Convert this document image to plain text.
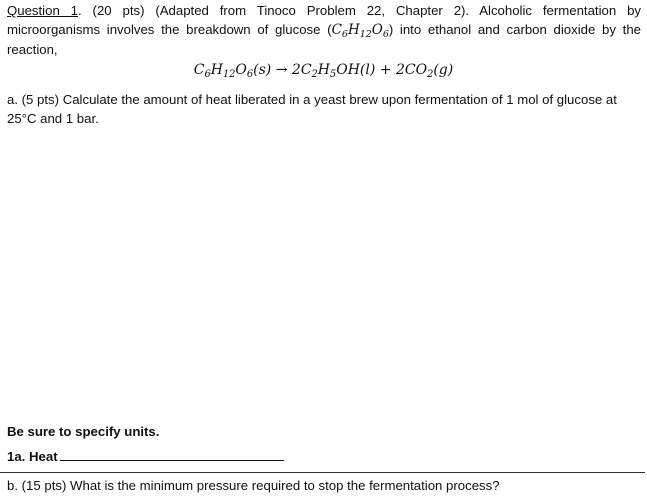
Question 1. (20 pts) (Adapted from Tinoco Problem 22, Chapter 2). Alcoholic fermentation by microorganisms involves the breakdown of glucose $(C_6H_{12}O_6)$ into ethanol and carbon dioxide by the reaction,
$C_6H_{12}O_6(s) \to 2C_2H_5OH(l) + 2CO_2(g)$
a. (5 pts) Calculate the amount of heat liberated in a yeast brew upon fermentation of 1 mol of glucose at 25°C and 1 bar.
Be sure to specify units.
1a. Heat
b. (15 pts) What is the minimum pressure required to stop the fermentation process?
